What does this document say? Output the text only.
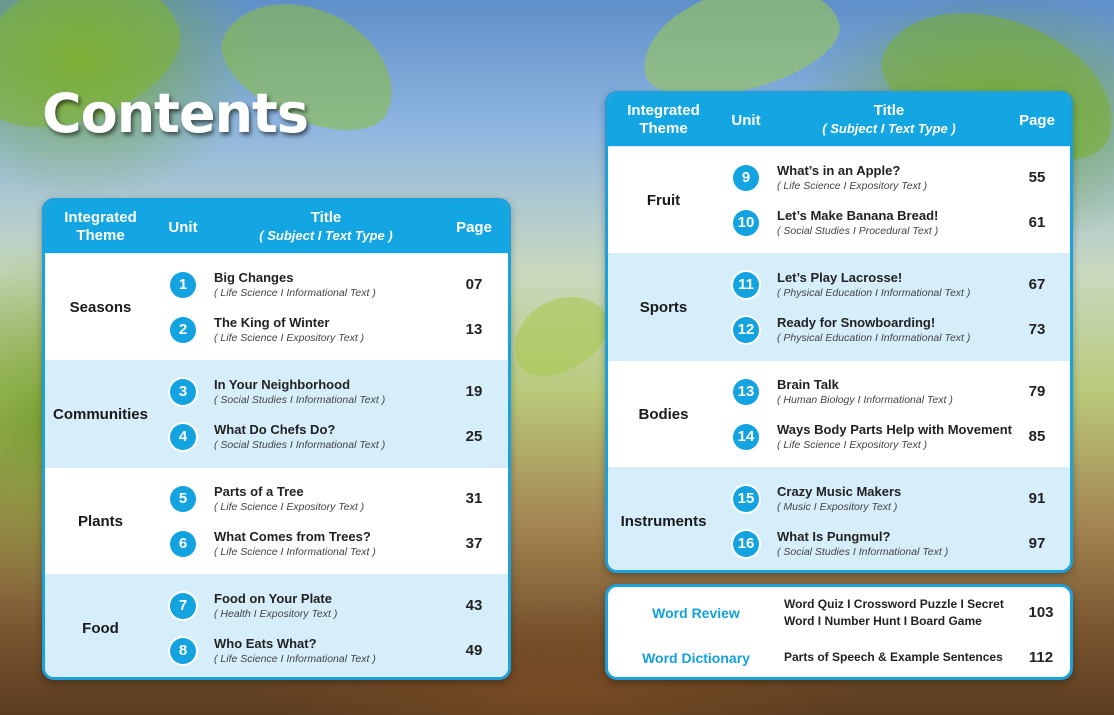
Contents
Integrated Theme	Unit
Title
( Subject I Text Type )	Page
Seasons
1	Big Changes
( Life Science I Informational Text )	07
2	The King of Winter
( Life Science I Expository Text )	13
Communities
3	In Your Neighborhood
( Social Studies I Informational Text )	19
4	What Do Chefs Do?
( Social Studies I Informational Text )	25
Plants
5	Parts of a Tree
( Life Science I Expository Text )	31
6	What Comes from Trees?
( Life Science I Informational Text )	37
Food
7	Food on Your Plate
( Health I Expository Text )	43
8	Who Eats What?
( Life Science I Informational Text )	49
Integrated Theme	Unit
Title
( Subject I Text Type )	Page
Fruit
9	What’s in an Apple?
( Life Science I Expository Text )	55
10	Let’s Make Banana Bread!
( Social Studies I Procedural Text )	61
Sports
11	Let’s Play Lacrosse!
( Physical Education I Informational Text )	67
12	Ready for Snowboarding!
( Physical Education I Informational Text )	73
Bodies
13	Brain Talk
( Human Biology I Informational Text )	79
14	Ways Body Parts Help with Movement
( Life Science I Expository Text )	85
Instruments
15	Crazy Music Makers
( Music I Expository Text )	91
16	What Is Pungmul?
( Social Studies I Informational Text )	97
Word Review
Word Quiz I Crossword Puzzle I Secret Word I Number Hunt I Board Game	103
Word Dictionary	Parts of Speech & Example Sentences	112
